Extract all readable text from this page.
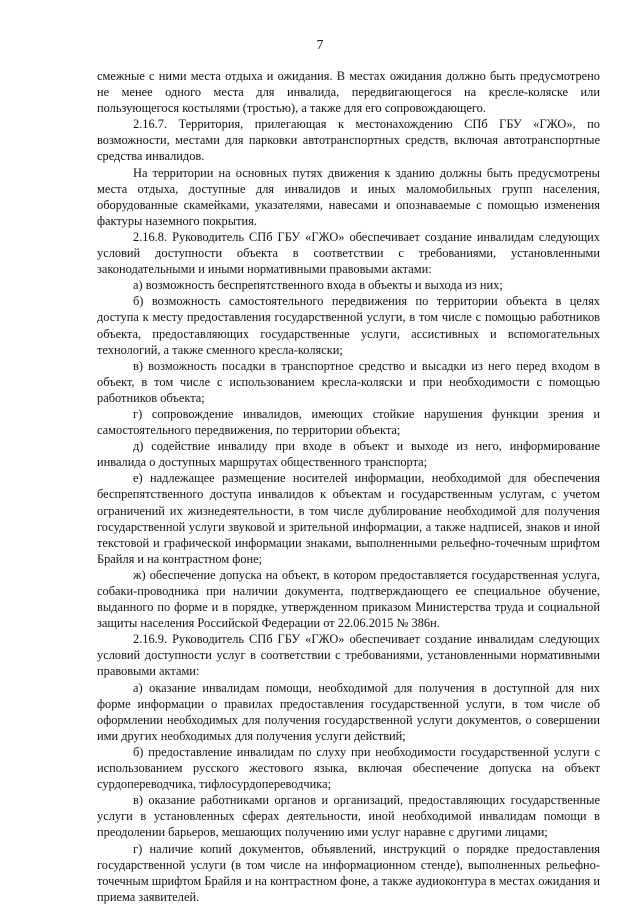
7

смежные с ними места отдыха и ожидания. В местах ожидания должно быть предусмотрено не менее одного места для инвалида, передвигающегося на кресле-коляске или пользующегося костылями (тростью), а также для его сопровождающего.

2.16.7. Территория, прилегающая к местонахождению СПб ГБУ «ГЖО», по возможности, местами для парковки автотранспортных средств, включая автотранспортные средства инвалидов.

На территории на основных путях движения к зданию должны быть предусмотрены места отдыха, доступные для инвалидов и иных маломобильных групп населения, оборудованные скамейками, указателями, навесами и опознаваемые с помощью изменения фактуры наземного покрытия.

2.16.8. Руководитель СПб ГБУ «ГЖО» обеспечивает создание инвалидам следующих условий доступности объекта в соответствии с требованиями, установленными законодательными и иными нормативными правовыми актами:

а) возможность беспрепятственного входа в объекты и выхода из них;

б) возможность самостоятельного передвижения по территории объекта в целях доступа к месту предоставления государственной услуги, в том числе с помощью работников объекта, предоставляющих государственные услуги, ассистивных и вспомогательных технологий, а также сменного кресла-коляски;

в) возможность посадки в транспортное средство и высадки из него перед входом в объект, в том числе с использованием кресла-коляски и при необходимости с помощью работников объекта;

г) сопровождение инвалидов, имеющих стойкие нарушения функции зрения и самостоятельного передвижения, по территории объекта;

д) содействие инвалиду при входе в объект и выходе из него, информирование инвалида о доступных маршрутах общественного транспорта;

е) надлежащее размещение носителей информации, необходимой для обеспечения беспрепятственного доступа инвалидов к объектам и государственным услугам, с учетом ограничений их жизнедеятельности, в том числе дублирование необходимой для получения государственной услуги звуковой и зрительной информации, а также надписей, знаков и иной текстовой и графической информации знаками, выполненными рельефно-точечным шрифтом Брайля и на контрастном фоне;

ж) обеспечение допуска на объект, в котором предоставляется государственная услуга, собаки-проводника при наличии документа, подтверждающего ее специальное обучение, выданного по форме и в порядке, утвержденном приказом Министерства труда и социальной защиты населения Российской Федерации от 22.06.2015 № 386н.

2.16.9. Руководитель СПб ГБУ «ГЖО» обеспечивает создание инвалидам следующих условий доступности услуг в соответствии с требованиями, установленными нормативными правовыми актами:

а) оказание инвалидам помощи, необходимой для получения в доступной для них форме информации о правилах предоставления государственной услуги, в том числе об оформлении необходимых для получения государственной услуги документов, о совершении ими других необходимых для получения услуги действий;

б) предоставление инвалидам по слуху при необходимости государственной услуги с использованием русского жестового языка, включая обеспечение допуска на объект сурдопереводчика, тифлосурдопереводчика;

в) оказание работниками органов и организаций, предоставляющих государственные услуги в установленных сферах деятельности, иной необходимой инвалидам помощи в преодолении барьеров, мешающих получению ими услуг наравне с другими лицами;

г) наличие копий документов, объявлений, инструкций о порядке предоставления государственной услуги (в том числе на информационном стенде), выполненных рельефно-точечным шрифтом Брайля и на контрастном фоне, а также аудиоконтура в местах ожидания и приема заявителей.
